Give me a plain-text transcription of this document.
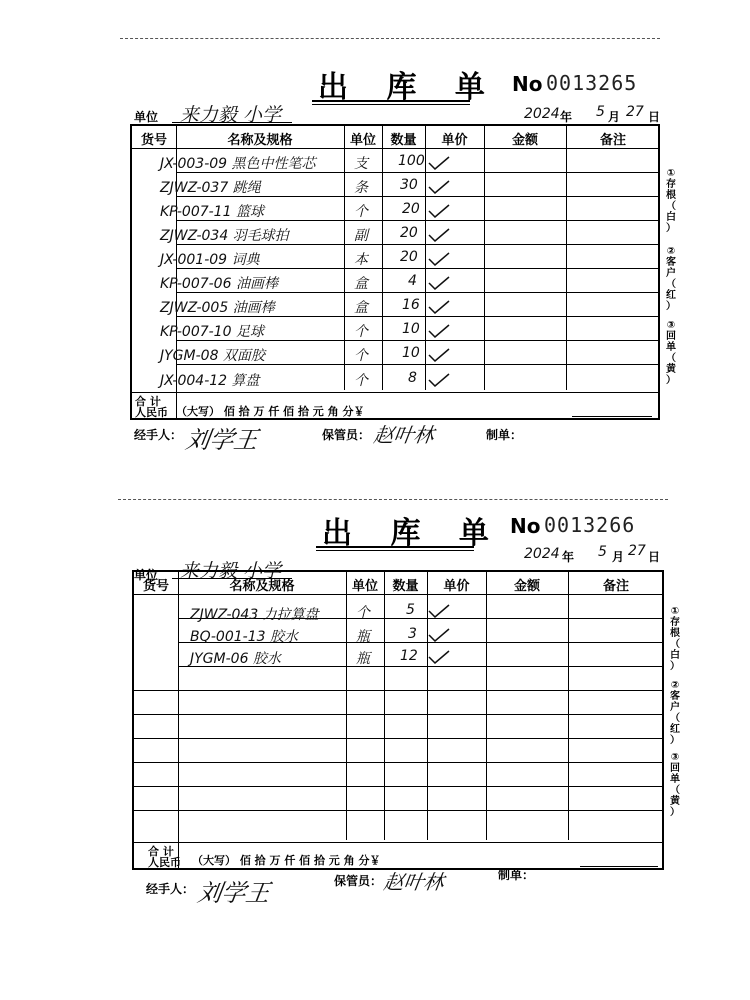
出 库 单 No 0013265
单位 来力毅 小学	2024 年 5 月 27 日
货号	名称及规格	单位	数量	单价	金额	备注
JX-003-09 黑色中性笔芯	支 100
ZJWZ-037 跳绳	条 30
KP-007-11 篮球	个 20
ZJWZ-034 羽毛球拍	副 20
JX-001-09 词典	本 20
KP-007-06 油画棒	盒	4
ZJWZ-005 油画棒	盒 16
KP-007-10 足球	个 10
JYGM-08 双面胶	个 10
JX-004-12 算盘	个	8
合 计
人民币 （大写） 佰 拾 万 仟 佰 拾 元 角 分￥
①
存
根
（
白
）
②
客
户
（
红
）
③
回
单
（
黄
）
经手人： 刘学王	保管员： 赵叶林	制单：
出 库 单 No 0013266
单位 来力毅 小学
2024 年 5 月 27 日
货号	名称及规格	单位	数量	单价	金额	备注
ZJWZ-043 力拉算盘	个	5
BQ-001-13 胶水	瓶	3
JYGM-06 胶水	瓶 12
合 计
人民币 （大写） 佰 拾 万 仟 佰 拾 元 角 分￥
①
存
根
（
白
）
②
客
户
（
红
）
③
回
单
（
黄
）
经手人： 刘学王	保管员： 赵叶林	制单：
